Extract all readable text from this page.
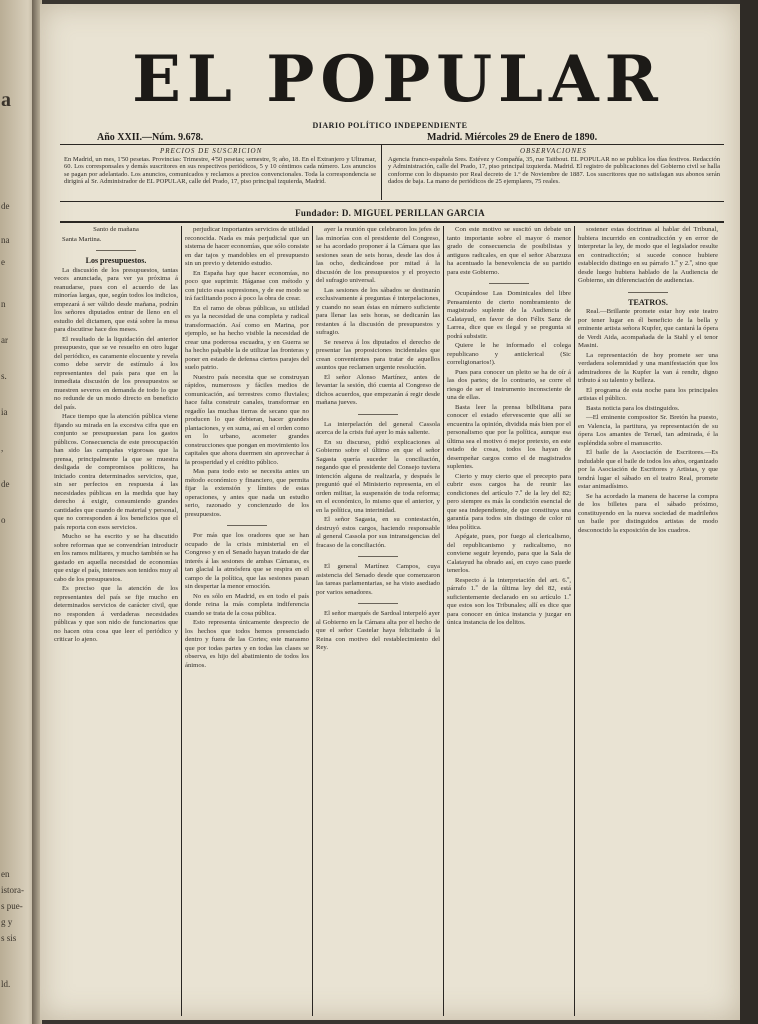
a
de
na
e
n
ar
s.
ia
,
de
o
en
istora-
s pue-
g y
s sis
ld.
EL POPULAR
DIARIO POLÍTICO INDEPENDIENTE
Año XXII.—Núm. 9.678.	Madrid. Miércoles 29 de Enero de 1890.
PRECIOS DE SUSCRICION
En Madrid, un mes, 1'50 pesetas. Provincias: Trimestre, 4'50 pesetas; semestre, 9; año, 18. En el Extranjero y Ultramar, 60. Los corresponsales y demás suscritores en sus respectivos periódicos, 5 y 10 céntimos cada número. Los anuncios se pagan por adelantado. Los anuncios, comunicados y reclamos a precios convencionales. Toda la correspondencia se dirigirá al Sr. Administrador de EL POPULAR, calle del Prado, 17, piso principal izquierda, Madrid.
OBSERVACIONES
Agencia franco-española Sres. Estévez y Compañía, 35, rue Taitbout. EL POPULAR no se publica los días festivos. Redacción y Administración, calle del Prado, 17, piso principal izquierda. Madrid. El registro de publicaciones del Gobierno civil se halla conforme con lo dispuesto por Real decreto de 1.º de Noviembre de 1887. Los suscritores que no satisfagan sus abonos serán dados de baja. La mano de periódicos de 25 ejemplares, 75 reales.
Fundador: D. MIGUEL PERILLAN GARCIA

Santo de mañana

Santa Martina.

Los presupuestos.

La discusión de los presupuestos, tantas veces anunciada, para ver ya próxima á reanudarse, pues con el acuerdo de las minorías largas, que, según todos los indicios, empezará á ser válido desde mañana, podrán los señores diputados entrar de lleno en el estudio del dictamen, que está sobre la mesa para discutirse hace dos meses.

El resultado de la liquidación del anterior presupuesto, que se ve resuelto en otro lugar del periódico, es caramente elocuente y revela como debe servir de estímulo á los representantes del país para que en la inmediata discusión de los presupuestos se muestren severos en demanda de todo lo que no redunde de un modo directo en beneficio del país.

Hace tiempo que la atención pública viene fijando su mirada en la excesiva cifra que en conjunto se presupuestan para los gastos públicos. Consecuencia de este preocupación han sido las campañas vigorosas que la prensa, principalmente la que se muestra desligada de compromisos políticos, ha iniciado contra determinados servicios, que, sin ser perfectos en respuesta á las necesidades públicas en la medida que hay derecho á exigir, consumiendo grandes cantidades que cuando de material y personal, que no corresponden á los beneficios que el país reporta con esos servicios.

Mucho se ha escrito y se ha discutido sobre reformas que se convendrían introducir en los ramos militares, y mucho también se ha gastado en aquella necesidad de economías que exige el país, intereses son tenidos muy al cabo de los presupuestos.

Es preciso que la atención de los representantes del país se fije mucho en determinados servicios de carácter civil, que no responden á verdaderas necesidades públicas y que son nido de funcionarios que no hacen otra cosa que leer el periódico y criticar lo ajeno.

perjudicar importantes servicios de utilidad reconocida. Nada es más perjudicial que un sistema de hacer economías, que sólo consiste en dar tajos y mandobles en el presupuesto sin un previo y detenido estudio.

En España hay que hacer economías, no poco que suprimir. Háganse con método y con juicio esas supresiones, y de ese modo se irá facilitando poco á poco la obra de crear.

En el ramo de obras públicas, su utilidad es ya la necesidad de una completa y radical transformación. Así como en Marina, por ejemplo, se ha hecho visible la necesidad de crear una poderosa escuadra, y en Guerra se ha hecho palpable la de utilizar las fronteras y poner en estado de defensa ciertos parajes del suelo patrio.

Nuestro país necesita que se construyan rápidos, numerosos y fáciles medios de comunicación, así terrestres como fluviales; hace falta construir canales, transformar en regadío las muchas tierras de secano que no producen lo que debieran, hacer grandes plantaciones, y en suma, así en el orden como en lo urbano, acometer grandes construcciones que pongan en movimiento los capitales que ahora duermen sin aprovechar á la prosperidad y el crédito público.

Mas para todo esto se necesita antes un método económico y financiero, que permita fijar la extensión y límites de estas operaciones, y antes que nada un estudio serio, razonado y concienzudo de los presupuestos.

Por más que los oradores que se han ocupado de la crisis ministerial en el Congreso y en el Senado hayan tratado de dar interés á las sesiones de ambas Cámaras, es tan glacial la atmósfera que se respira en el campo de la política, que las sesiones pasan sin despertar la menor emoción.

No es sólo en Madrid, es en todo el país donde reina la más completa indiferencia cuando se trata de la cosa pública.

Esto representa únicamente desprecio de los hechos que todos hemos presenciado dentro y fuera de las Cortes; este marasmo que por todas partes y en todas las clases se observa, es hijo del abatimiento de todos los ánimos.

ayer la reunión que celebraron los jefes de las minorías con el presidente del Congreso, se ha acordado proponer á la Cámara que las sesiones sean de seis horas, desde las dos á las ocho, dedicándose por mitad á la discusión de los presupuestos y el proyecto del sufragio universal.

Las sesiones de los sábados se destinarán exclusivamente á preguntas é interpelaciones, y cuando no sean éstas en número suficiente para llenar las seis horas, se dedicarán las restantes á la discusión de presupuestos y sufragio.

Se reserva á los diputados el derecho de presentar las proposiciones incidentales que crean convenientes para tratar de aquellos asuntos que reclamen urgente resolución.

El señor Alonso Martínez, antes de levantar la sesión, dió cuenta al Congreso de dichos acuerdos, que empezarán á regir desde mañana jueves.

La interpelación del general Cassola acerca de la crisis fué ayer lo más saliente.

En su discurso, pidió explicaciones al Gobierno sobre el último en que el señor Sagasta quería suceder la conciliación, negando que el presidente del Consejo tuviera intención alguna de realizarla, y después le preguntó qué el Ministerio representa, en el orden militar, la suspensión de toda reforma; en el económico, lo mismo que el anterior, y en la política, una interinidad.

El señor Sagasta, en su contestación, destruyó estos cargos, haciendo responsable al general Cassola por sus intransigencias del fracaso de la conciliación.

El general Martínez Campos, cuya asistencia del Senado desde que comenzaron las tareas parlamentarias, se ha visto asediado por varios senadores.

El señor marqués de Sardoal interpeló ayer al Gobierno en la Cámara alta por el hecho de que el señor Castelar haya felicitado á la Reina con motivo del restablecimiento del Rey.

Con este motivo se suscitó un debate un tanto importante sobre el mayor ó menor grado de consecuencia de posibilistas y antiguos radicales, en que el señor Abarzuza ha acentuado la benevolencia de su partido para este Gobierno.

Ocupándose Las Dominicales del libre Pensamiento de cierto nombramiento de magistrado suplente de la Audiencia de Calatayud, en favor de don Félix Sanz de Larrea, dice que es ilegal y se pregunta si podrá subsistir.

Quiere le he informado el colega republicano y anticlerical (Sic correligionarios!).

Pues para conocer un pleito se ha de oír á las dos partes; de lo contrario, se corre el riesgo de ser el instrumento inconsciente de una de ellas.

Basta leer la prensa bilbilitana para conocer el estado efervescente que allí se encuentra la opinión, dividida más bien por el personalismo que por la política, aunque esa última sea el motivo ó mejor pretexto, en este estado de cosas, todos los hayan de desempeñar cargos como el de magistrados suplentes.

Cierto y muy cierto que el precepto para cubrir esos cargos ha de reunir las condiciones del artículo 7.º de la ley del 82; pero siempre es más la condición esencial de que sea independiente, de que constituya una garantía para todos sin distingo de color ni idea política.

Apégate, pues, por fuego al clericalismo, del republicanismo y radicalismo, no conviene seguir leyendo, para que la Sala de Calatayud ha obrado así, en cuyo caso puede tenerlos.

Respecto á la interpretación del art. 6.º, párrafo 1.º de la última ley del 82, está suficientemente declarado en su artículo 1.º que estos son los Tribunales; allí es dice que para conocer en única instancia y juzgar en única instancia de los delitos.

sostener estas doctrinas al hablar del Tribunal, hubiera incurrido en contradicción y en error de interpretar la ley, de modo que el legislador resulte en contradicción; si sucede conoce hubiere establecido distingo en su párrafo 1.º y 2.º, sino que desde luego hubiera hablado de la Audiencia de Gobierno, sin diferenciación de audiencias.

TEATROS.

Real.—Brillante promete estar hoy este teatro por tener lugar en él beneficio de la bella y eminente artista señora Kupfer, que cantará la ópera de Verdi Aida, acompañada de la Stahl y el tenor Masini.

La representación de hoy promete ser una verdadera solemnidad y una manifestación que los admiradores de la Kupfer la van á rendir, digno tributo á su talento y belleza.

El programa de esta noche para los principales artistas el público.

Basta noticia para los distinguidos.

—El eminente compositor Sr. Bretón ha puesto, en Valencia, la partitura, ya representación de su ópera Los amantes de Teruel, tan admirada, é la espléndida sobre el manuscrito.

El baile de la Asociación de Escritores.—Es indudable que el baile de todos los años, organizado por la Asociación de Escritores y Artistas, y que tendrá lugar el sábado en el teatro Real, promete estar animadísimo.

Se ha acordado la manera de hacerse la compra de los billetes para el sábado próximo, constituyendo en la nueva sociedad de madrileños un baile por distinguidos artistas de modo desconocido la exposición de los cuadros.
